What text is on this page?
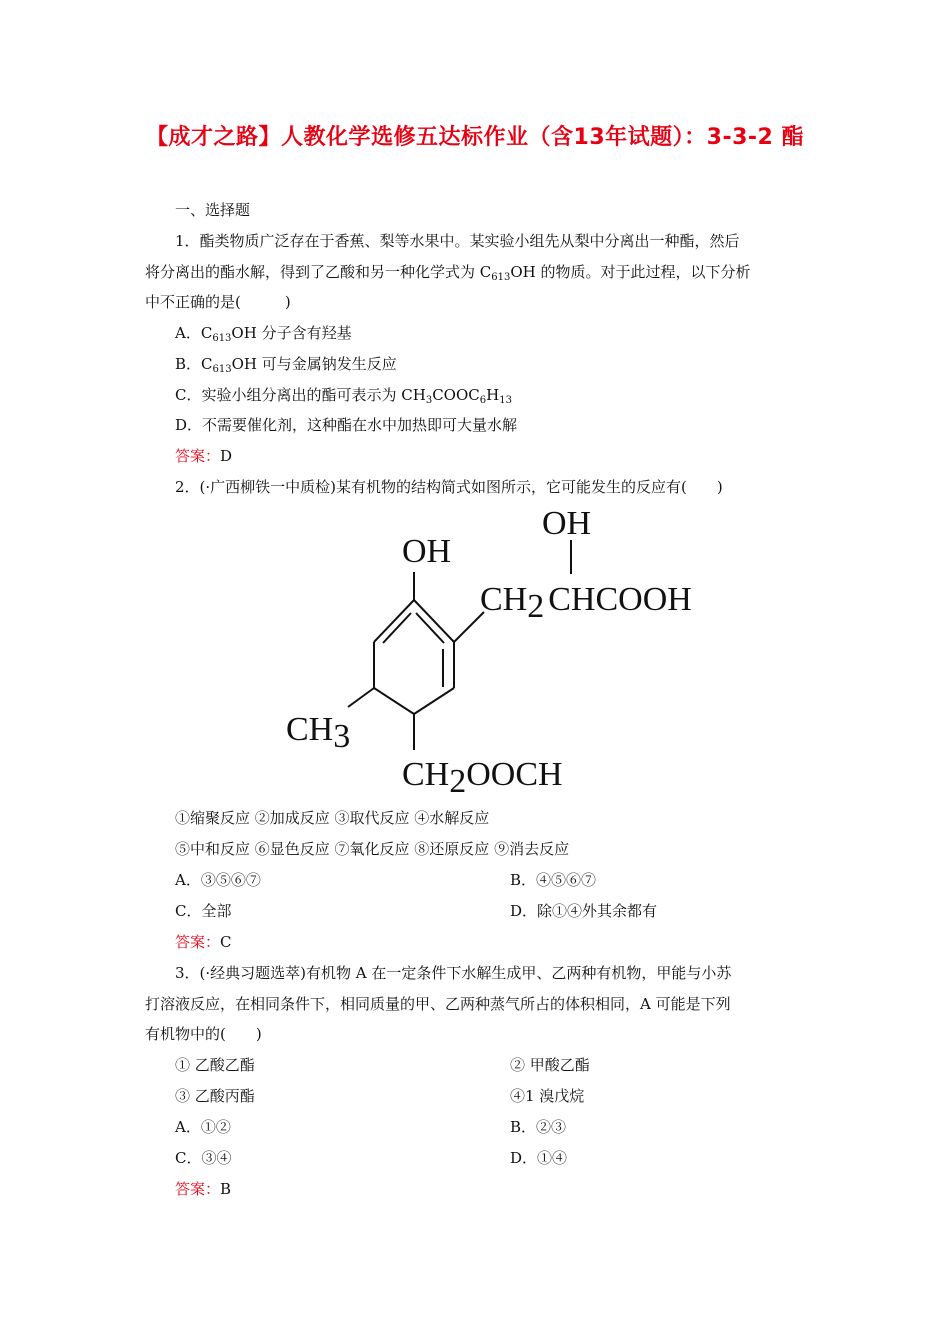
【成才之路】人教化学选修五达标作业（含13年试题）：3-3-2 酯
一、选择题
1．酯类物质广泛存在于香蕉、梨等水果中。某实验小组先从梨中分离出一种酯，然后
将分离出的酯水解，得到了乙酸和另一种化学式为 $C_{613}OH$ 的物质。对于此过程，以下分析
中不正确的是(	)
A．$C_{613}OH$ 分子含有羟基
B．$C_{613}OH$ 可与金属钠发生反应
C．实验小组分离出的酯可表示为 $CH_3COOC_6H_{13}$
D．不需要催化剂，这种酯在水中加热即可大量水解
答案：D
2．(·广西柳铁一中质检)某有机物的结构简式如图所示，它可能发生的反应有( )
OH
OH
CH2 CHCOOH
CH3
CH2OOCH
①缩聚反应 ②加成反应 ③取代反应 ④水解反应
⑤中和反应 ⑥显色反应 ⑦氧化反应 ⑧还原反应 ⑨消去反应
A．③⑤⑥⑦	B．④⑤⑥⑦
C．全部	D．除①④外其余都有
答案：C
3．(·经典习题选萃)有机物 A 在一定条件下水解生成甲、乙两种有机物，甲能与小苏
打溶液反应，在相同条件下，相同质量的甲、乙两种蒸气所占的体积相同，A 可能是下列
有机物中的( )
① 乙酸乙酯	② 甲酸乙酯
③ 乙酸丙酯	④1 溴戊烷
A．①②	B．②③
C．③④	D．①④
答案：B
